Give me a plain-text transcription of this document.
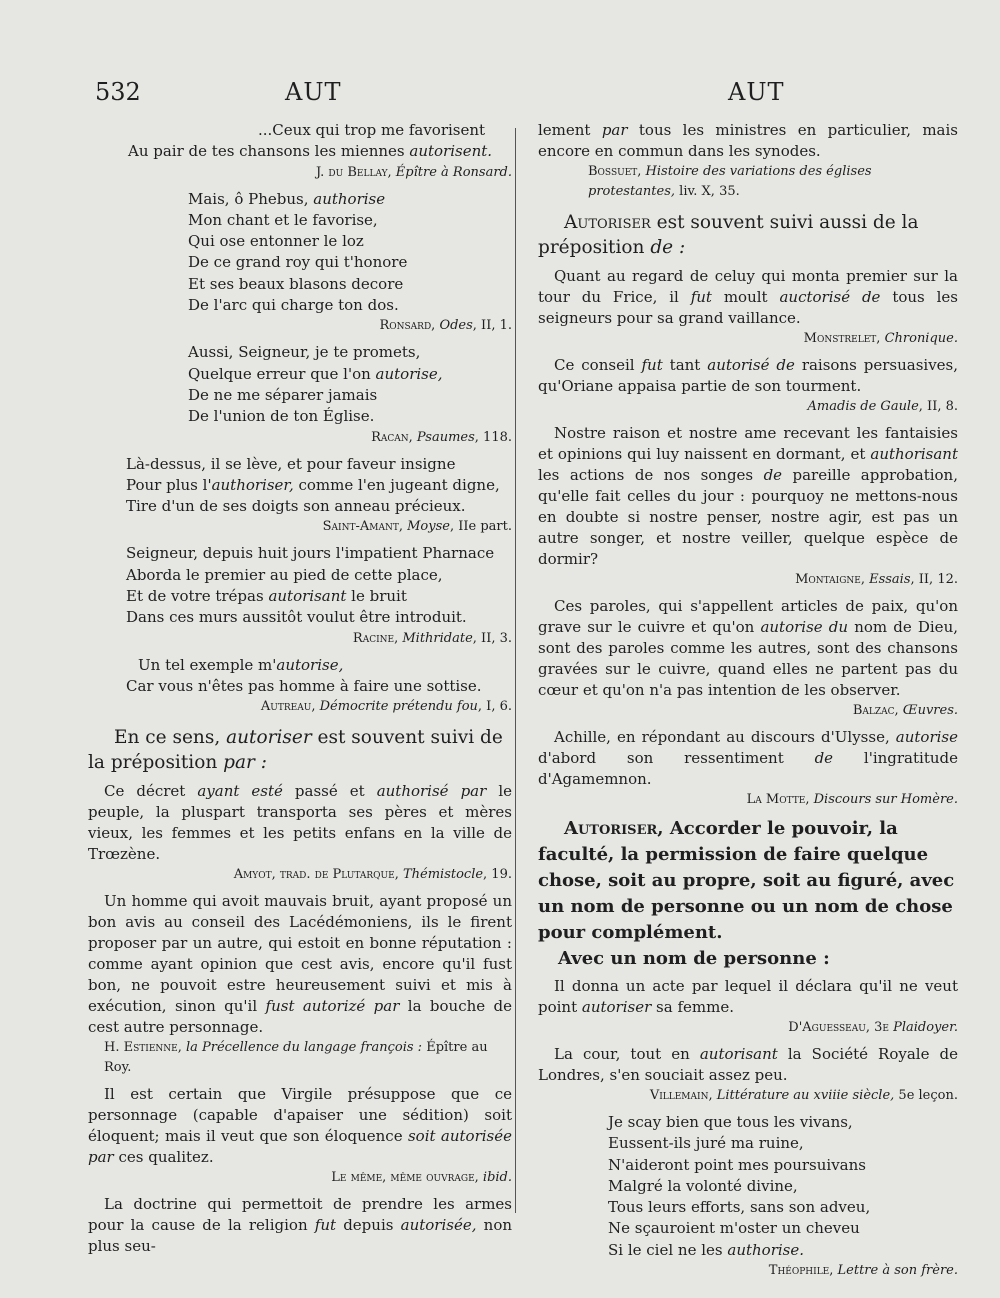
532	AUT	AUT
...Ceux qui trop me favorisent
Au pair de tes chansons les miennes autorisent.
J. du Bellay, Épître à Ronsard.
Mais, ô Phebus, authorise
Mon chant et le favorise,
Qui ose entonner le loz
De ce grand roy qui t'honore
Et ses beaux blasons decore
De l'arc qui charge ton dos.
Ronsard, Odes, II, 1.
Aussi, Seigneur, je te promets,
Quelque erreur que l'on autorise,
De ne me séparer jamais
De l'union de ton Église.
Racan, Psaumes, 118.
Là-dessus, il se lève, et pour faveur insigne
Pour plus l'authoriser, comme l'en jugeant digne,
Tire d'un de ses doigts son anneau précieux.
Saint-Amant, Moyse, IIe part.
Seigneur, depuis huit jours l'impatient Pharnace
Aborda le premier au pied de cette place,
Et de votre trépas autorisant le bruit
Dans ces murs aussitôt voulut être introduit.
Racine, Mithridate, II, 3.
Un tel exemple m'autorise,
Car vous n'êtes pas homme à faire une sottise.
Autreau, Démocrite prétendu fou, I, 6.
En ce sens, autoriser est souvent suivi de la préposition par :

Ce décret ayant esté passé et authorisé par le peuple, la pluspart transporta ses pères et mères vieux, les femmes et les petits enfans en la ville de Trœzène.

Amyot, trad. de Plutarque, Thémistocle, 19.

Un homme qui avoit mauvais bruit, ayant proposé un bon avis au conseil des Lacédémoniens, ils le firent proposer par un autre, qui estoit en bonne réputation : comme ayant opinion que cest avis, encore qu'il fust bon, ne pouvoit estre heureusement suivi et mis à exécution, sinon qu'il fust autorizé par la bouche de cest autre personnage.

H. Estienne, la Précellence du langage françois : Épître au Roy.

Il est certain que Virgile présuppose que ce personnage (capable d'apaiser une sédition) soit éloquent; mais il veut que son éloquence soit autorisée par ces qualitez.

Le même, même ouvrage, ibid.

La doctrine qui permettoit de prendre les armes pour la cause de la religion fut depuis autorisée, non plus seu-

lement par tous les ministres en particulier, mais encore en commun dans les synodes.

Bossuet, Histoire des variations des églises protestantes, liv. X, 35.
Autoriser est souvent suivi aussi de la préposition de :

Quant au regard de celuy qui monta premier sur la tour du Frice, il fut moult auctorisé de tous les seigneurs pour sa grand vaillance.

Monstrelet, Chronique.

Ce conseil fut tant autorisé de raisons persuasives, qu'Oriane appaisa partie de son tourment.

Amadis de Gaule, II, 8.

Nostre raison et nostre ame recevant les fantaisies et opinions qui luy naissent en dormant, et authorisant les actions de nos songes de pareille approbation, qu'elle fait celles du jour : pourquoy ne mettons-nous en doubte si nostre penser, nostre agir, est pas un autre songer, et nostre veiller, quelque espèce de dormir?

Montaigne, Essais, II, 12.

Ces paroles, qui s'appellent articles de paix, qu'on grave sur le cuivre et qu'on autorise du nom de Dieu, sont des paroles comme les autres, sont des chansons gravées sur le cuivre, quand elles ne partent pas du cœur et qu'on n'a pas intention de les observer.

Balzac, Œuvres.

Achille, en répondant au discours d'Ulysse, autorise d'abord son ressentiment de l'ingratitude d'Agamemnon.

La Motte, Discours sur Homère.
Autoriser, Accorder le pouvoir, la faculté, la permission de faire quelque chose, soit au propre, soit au figuré, avec un nom de personne ou un nom de chose pour complément.
Avec un nom de personne :

Il donna un acte par lequel il déclara qu'il ne veut point autoriser sa femme.

D'Aguesseau, 3e Plaidoyer.

La cour, tout en autorisant la Société Royale de Londres, s'en souciait assez peu.

Villemain, Littérature au xviiie siècle, 5e leçon.
Je scay bien que tous les vivans,
Eussent-ils juré ma ruine,
N'aideront point mes poursuivans
Malgré la volonté divine,
Tous leurs efforts, sans son adveu,
Ne sçauroient m'oster un cheveu
Si le ciel ne les authorise.
Théophile, Lettre à son frère.
